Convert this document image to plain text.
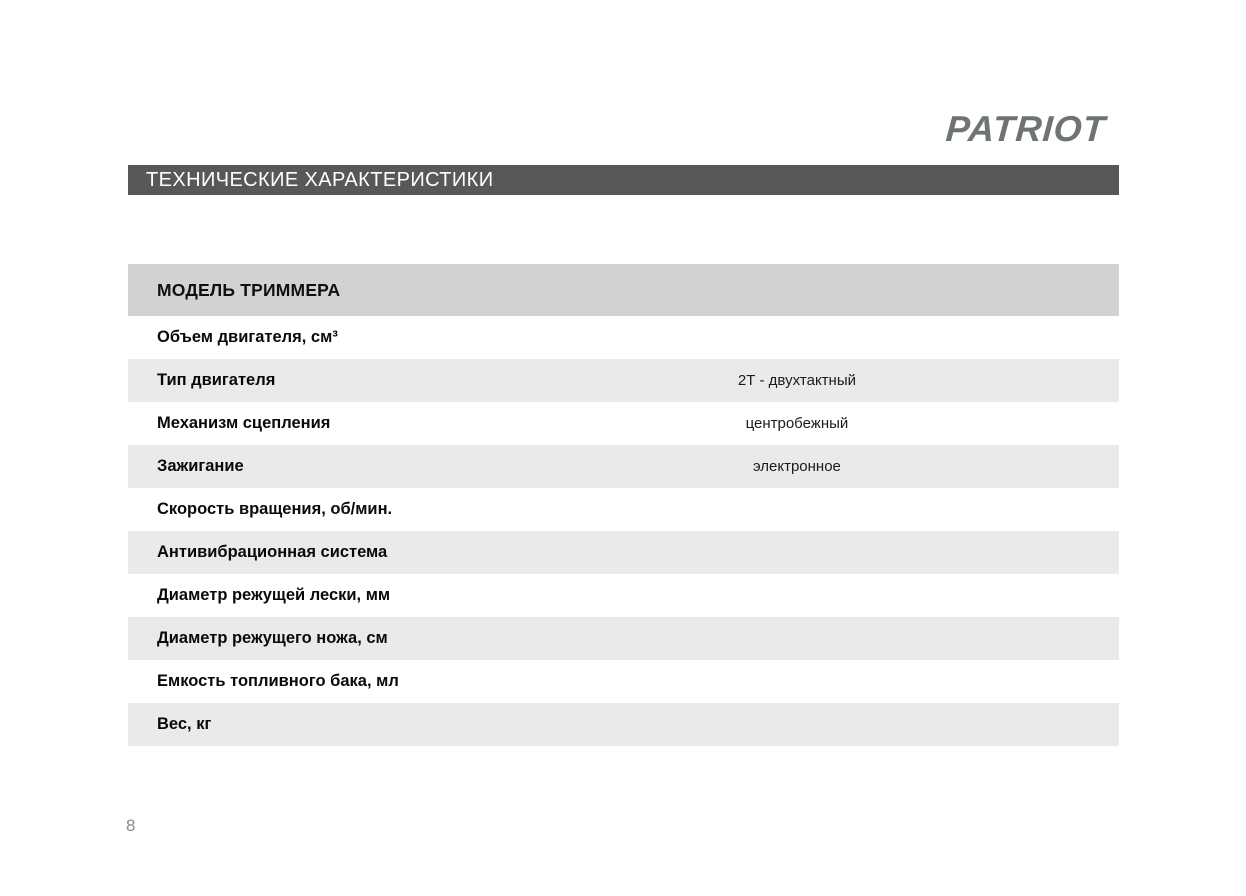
PATRIOT
ТЕХНИЧЕСКИЕ ХАРАКТЕРИСТИКИ
МОДЕЛЬ ТРИММЕРА
Объем двигателя, см³
Тип двигателя	2Т - двухтактный
Механизм сцепления	центробежный
Зажигание	электронное
Скорость вращения, об/мин.
Антивибрационная система
Диаметр режущей лески, мм
Диаметр режущего ножа, см
Емкость топливного бака, мл
Вес, кг
8
